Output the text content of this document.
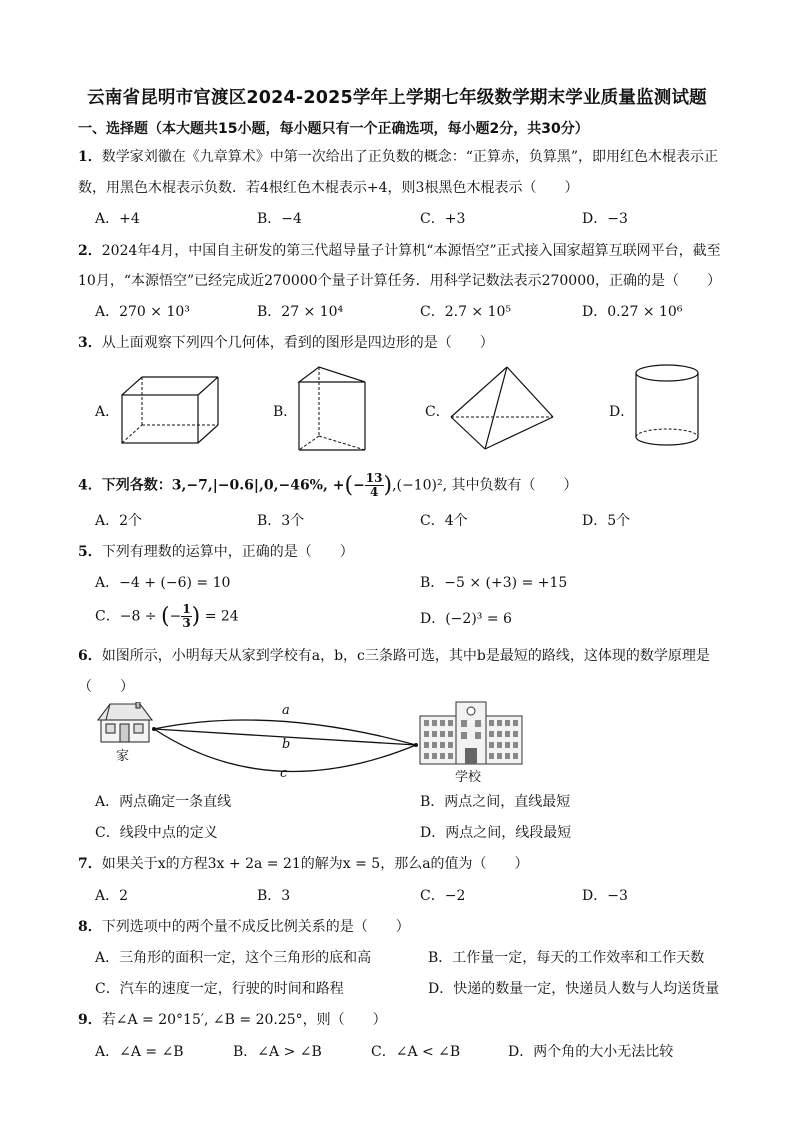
云南省昆明市官渡区2024-2025学年上学期七年级数学期末学业质量监测试题
一、选择题（本大题共15小题，每小题只有一个正确选项，每小题2分，共30分）
1．数学家刘徽在《九章算术》中第一次给出了正负数的概念：“正算赤，负算黑”，即用红色木棍表示正
数，用黑色木棍表示负数．若4根红色木棍表示+4，则3根黑色木棍表示（　　）
A．+4	B．−4	C．+3	D．−3
2．2024年4月，中国自主研发的第三代超导量子计算机“本源悟空”正式接入国家超算互联网平台，截至
10月，“本源悟空”已经完成近270000个量子计算任务．用科学记数法表示270000，正确的是（　　）
A．270 × 10³	B．27 × 10⁴	C．2.7 × 10⁵	D．0.27 × 10⁶
3．从上面观察下列四个几何体，看到的图形是四边形的是（　　）
A．	B．	C．	D．
4．下列各数：3,−7,|−0.6|,0,−46%, +(− $\frac{13}{4} ),(-10)^2$, 其中负数有（　　）
A．2个	B．3个	C．4个	D．5个
5．下列有理数的运算中，正确的是（　　）
A．−4 + (−6) = 10	B．−5 × (+3) = +15
C．−8 ÷ (− $\frac{1}{3}$ ) = 24	D．(−2)³ = 6
6．如图所示，小明每天从家到学校有a，b，c三条路可选，其中b是最短的路线，这体现的数学原理是
（　　）
家
a
b
c	学校
A．两点确定一条直线	B．两点之间，直线最短
C．线段中点的定义	D．两点之间，线段最短
7．如果关于x的方程3x + 2a = 21的解为x = 5，那么a的值为（　　）
A．2	B．3	C．−2	D．−3
8．下列选项中的两个量不成反比例关系的是（　　）
A．三角形的面积一定，这个三角形的底和高	B．工作量一定，每天的工作效率和工作天数
C．汽车的速度一定，行驶的时间和路程	D．快递的数量一定，快递员人数与人均送货量
9．若∠A = 20°15′, ∠B = 20.25°，则（　　）
A．∠A = ∠B	B．∠A > ∠B	C．∠A < ∠B	D．两个角的大小无法比较
